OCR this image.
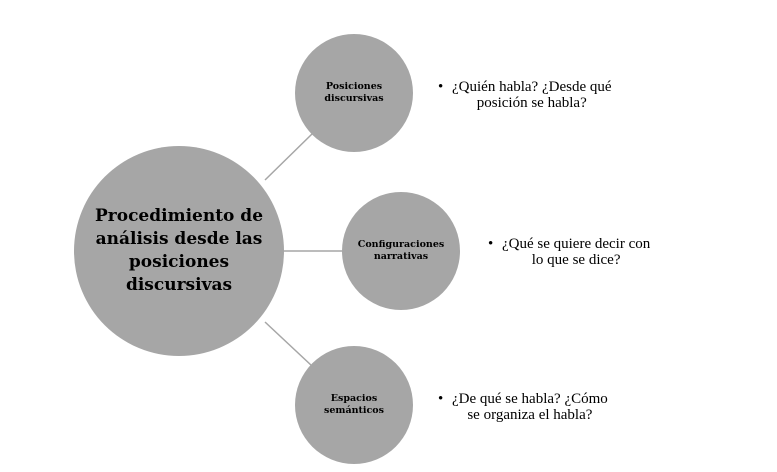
Procedimiento de análisis desde las posiciones discursivas
Posiciones
discursivas
Configuraciones
narrativas
Espacios
semánticos
• ¿Quién habla? ¿Desde qué
posición se habla?
• ¿Qué se quiere decir con
lo que se dice?
• ¿De qué se habla? ¿Cómo
se organiza el habla?
